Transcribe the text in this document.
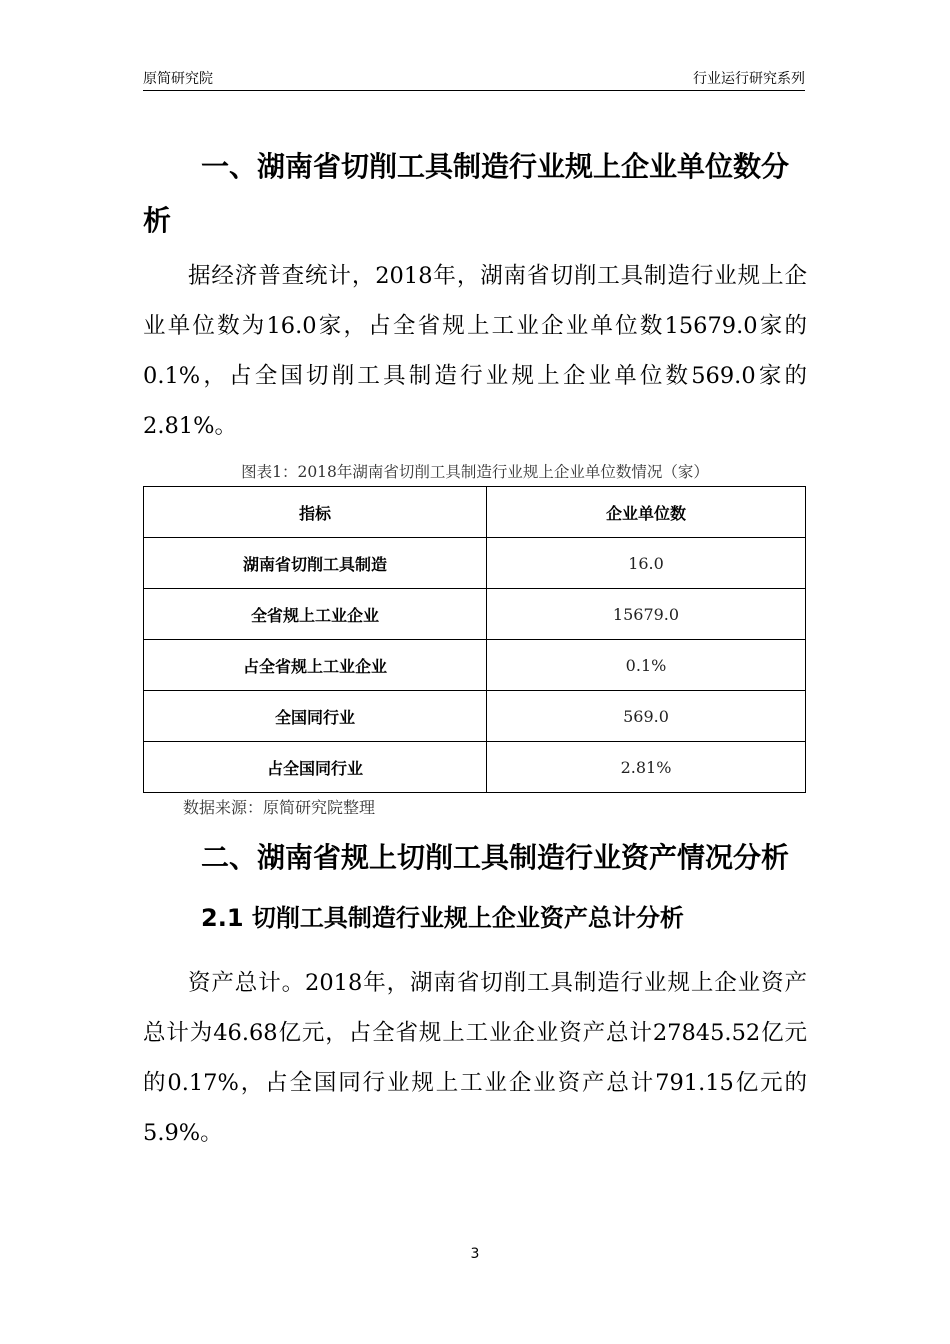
原简研究院	行业运行研究系列
一、湖南省切削工具制造行业规上企业单位数分析
据经济普查统计，2018年，湖南省切削工具制造行业规上企业单位数为16.0家，占全省规上工业企业单位数15679.0家的0.1%，占全国切削工具制造行业规上企业单位数569.0家的2.81%。
图表1：2018年湖南省切削工具制造行业规上企业单位数情况（家）
指标	企业单位数
湖南省切削工具制造	16.0
全省规上工业企业	15679.0
占全省规上工业企业	0.1%
全国同行业	569.0
占全国同行业	2.81%
数据来源：原简研究院整理
二、湖南省规上切削工具制造行业资产情况分析
2.1 切削工具制造行业规上企业资产总计分析
资产总计。2018年，湖南省切削工具制造行业规上企业资产总计为46.68亿元，占全省规上工业企业资产总计27845.52亿元的0.17%，占全国同行业规上工业企业资产总计791.15亿元的5.9%。
3
